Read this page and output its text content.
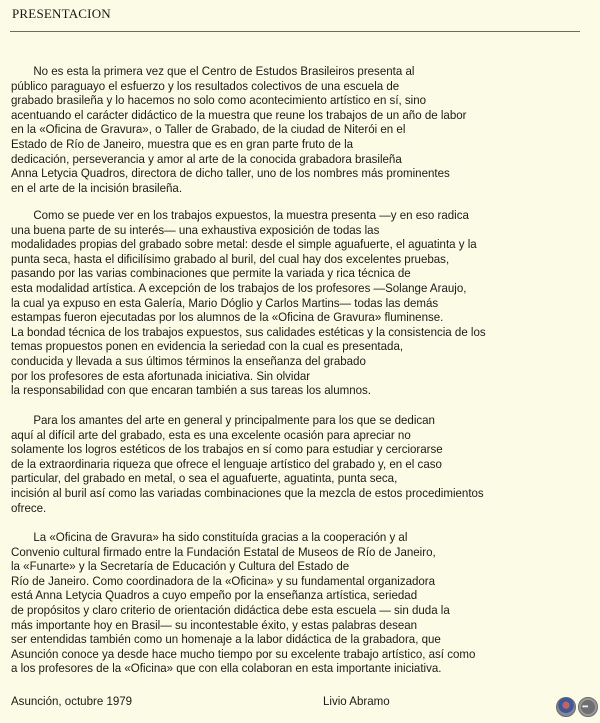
PRESENTACION
No es esta la primera vez que el Centro de Estudos Brasileiros presenta al
público paraguayo el esfuerzo y los resultados colectivos de una escuela de
grabado brasileña y lo hacemos no solo como acontecimiento artístico en sí, sino
acentuando el carácter didáctico de la muestra que reune los trabajos de un año de labor
en la «Oficina de Gravura», o Taller de Grabado, de la ciudad de Niterói en el
Estado de Río de Janeiro, muestra que es en gran parte fruto de la
dedicación, perseverancia y amor al arte de la conocida grabadora brasileña
Anna Letycia Quadros, directora de dicho taller, uno de los nombres más prominentes
en el arte de la incisión brasileña.
Como se puede ver en los trabajos expuestos, la muestra presenta —y en eso radica
una buena parte de su interés— una exhaustiva exposición de todas las
modalidades propias del grabado sobre metal: desde el simple aguafuerte, el aguatinta y la
punta seca, hasta el dificilísimo grabado al buril, del cual hay dos excelentes pruebas,
pasando por las varias combinaciones que permite la variada y rica técnica de
esta modalidad artística. A excepción de los trabajos de los profesores —Solange Araujo,
la cual ya expuso en esta Galería, Mario Dóglio y Carlos Martins— todas las demás
estampas fueron ejecutadas por los alumnos de la «Oficina de Gravura» fluminense.
La bondad técnica de los trabajos expuestos, sus calidades estéticas y la consistencia de los
temas propuestos ponen en evidencia la seriedad con la cual es presentada,
conducida y llevada a sus últimos términos la enseñanza del grabado
por los profesores de esta afortunada iniciativa. Sin olvidar
la responsabilidad con que encaran también a sus tareas los alumnos.
Para los amantes del arte en general y principalmente para los que se dedican
aquí al difícil arte del grabado, esta es una excelente ocasión para apreciar no
solamente los logros estéticos de los trabajos en sí como para estudiar y cerciorarse
de la extraordinaria riqueza que ofrece el lenguaje artístico del grabado y, en el caso
particular, del grabado en metal, o sea el aguafuerte, aguatinta, punta seca,
incisión al buril así como las variadas combinaciones que la mezcla de estos procedimientos
ofrece.
La «Oficina de Gravura» ha sido constituída gracias a la cooperación y al
Convenio cultural firmado entre la Fundación Estatal de Museos de Río de Janeiro,
la «Funarte» y la Secretaría de Educación y Cultura del Estado de
Río de Janeiro. Como coordinadora de la «Oficina» y su fundamental organizadora
está Anna Letycia Quadros a cuyo empeño por la enseñanza artística, seriedad
de propósitos y claro criterio de orientación didáctica debe esta escuela — sin duda la
más importante hoy en Brasil— su incontestable éxito, y estas palabras desean
ser entendidas también como un homenaje a la labor didáctica de la grabadora, que
Asunción conoce ya desde hace mucho tiempo por su excelente trabajo artístico, así como
a los profesores de la «Oficina» que con ella colaboran en esta importante iniciativa.
Asunción, octubre 1979	Livio Abramo
•••
